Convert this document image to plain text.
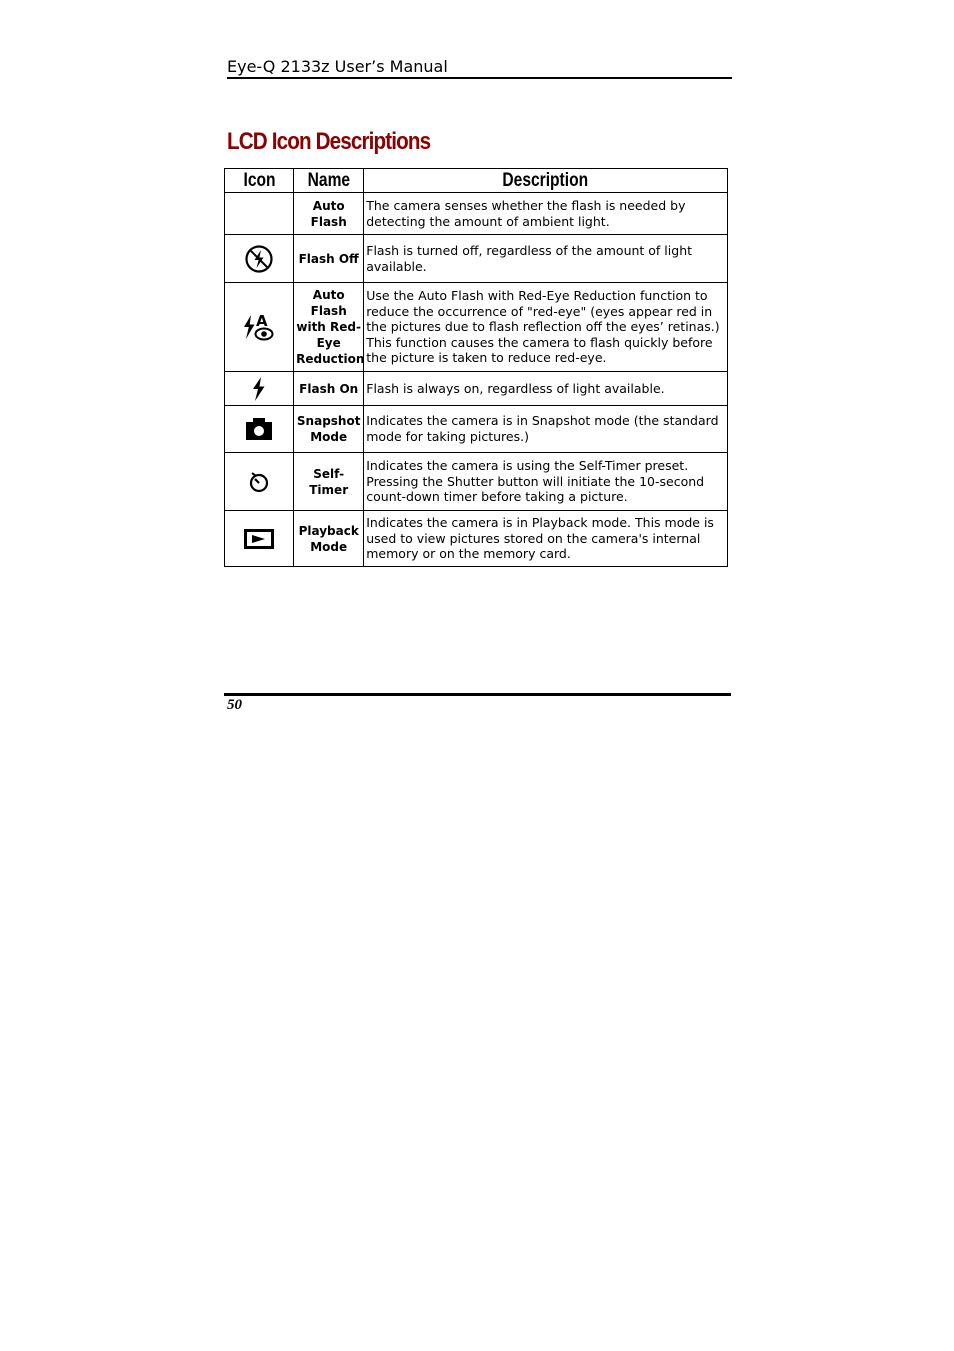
Eye-Q 2133z User’s Manual
LCD Icon Descriptions
Icon	Name	Description
	Auto Flash	The camera senses whether the flash is needed by detecting the amount of ambient light.

	Flash Off	Flash is turned off, regardless of the amount of light available.

A	Auto Flash with Red-Eye Reduction	Use the Auto Flash with Red-Eye Reduction function to reduce the occurrence of "red-eye" (eyes appear red in the pictures due to flash reflection off the eyes’ retinas.) This function causes the camera to flash quickly before the picture is taken to reduce red-eye.

	Flash On	Flash is always on, regardless of light available.

	Snapshot Mode	Indicates the camera is in Snapshot mode (the standard mode for taking pictures.)

	Self-Timer	Indicates the camera is using the Self-Timer preset. Pressing the Shutter button will initiate the 10-second count-down timer before taking a picture.

	Playback Mode	Indicates the camera is in Playback mode. This mode is used to view pictures stored on the camera's internal memory or on the memory card.
50
